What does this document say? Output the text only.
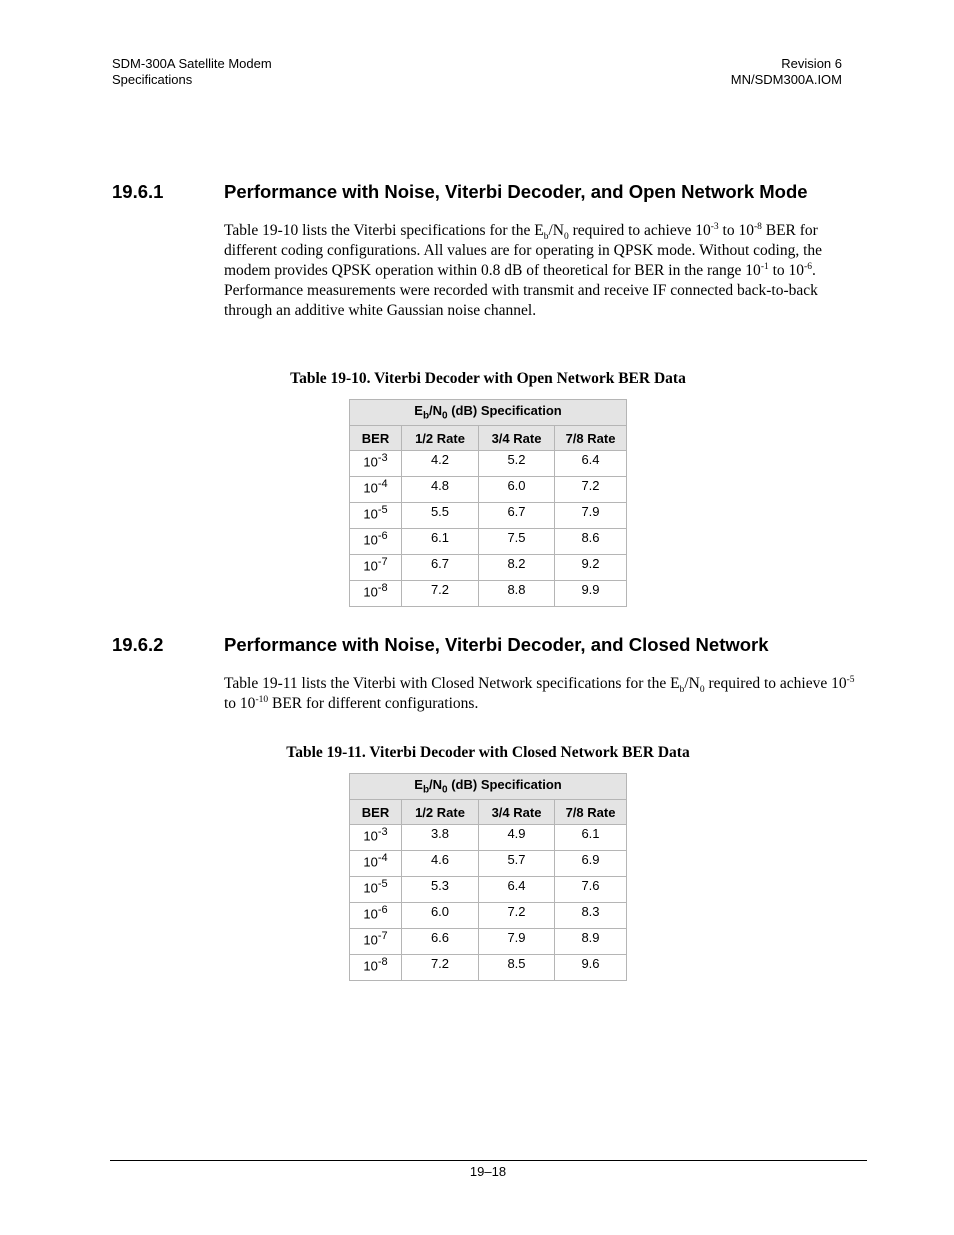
SDM-300A Satellite Modem
Specifications
Revision 6
MN/SDM300A.IOM
19.6.1	Performance with Noise, Viterbi Decoder, and Open Network Mode
Table 19-10 lists the Viterbi specifications for the $E_b/N_0$ required to achieve $10^{-3}$ to $10^{-8}$ BER for different coding configurations. All values are for operating in QPSK mode. Without coding, the modem provides QPSK operation within 0.8 dB of theoretical for BER in the range $10^{-1}$ to $10^{-6}$. Performance measurements were recorded with transmit and receive IF connected back-to-back through an additive white Gaussian noise channel.
Table 19-10. Viterbi Decoder with Open Network BER Data
$E_b/N_0$ (dB) Specification			
BER	1/2 Rate	3/4 Rate	7/8 Rate
$10^{-3}$	4.2	5.2	6.4
$10^{-4}$	4.8	6.0	7.2
$10^{-5}$	5.5	6.7	7.9
$10^{-6}$	6.1	7.5	8.6
$10^{-7}$	6.7	8.2	9.2
$10^{-8}$	7.2	8.8	9.9
19.6.2	Performance with Noise, Viterbi Decoder, and Closed Network
Table 19-11 lists the Viterbi with Closed Network specifications for the $E_b/N_0$ required to achieve $10^{-5}$ to $10^{-10}$ BER for different configurations.
Table 19-11. Viterbi Decoder with Closed Network BER Data
$E_b/N_0$ (dB) Specification			
BER	1/2 Rate	3/4 Rate	7/8 Rate
$10^{-3}$	3.8	4.9	6.1
$10^{-4}$	4.6	5.7	6.9
$10^{-5}$	5.3	6.4	7.6
$10^{-6}$	6.0	7.2	8.3
$10^{-7}$	6.6	7.9	8.9
$10^{-8}$	7.2	8.5	9.6
19–18
